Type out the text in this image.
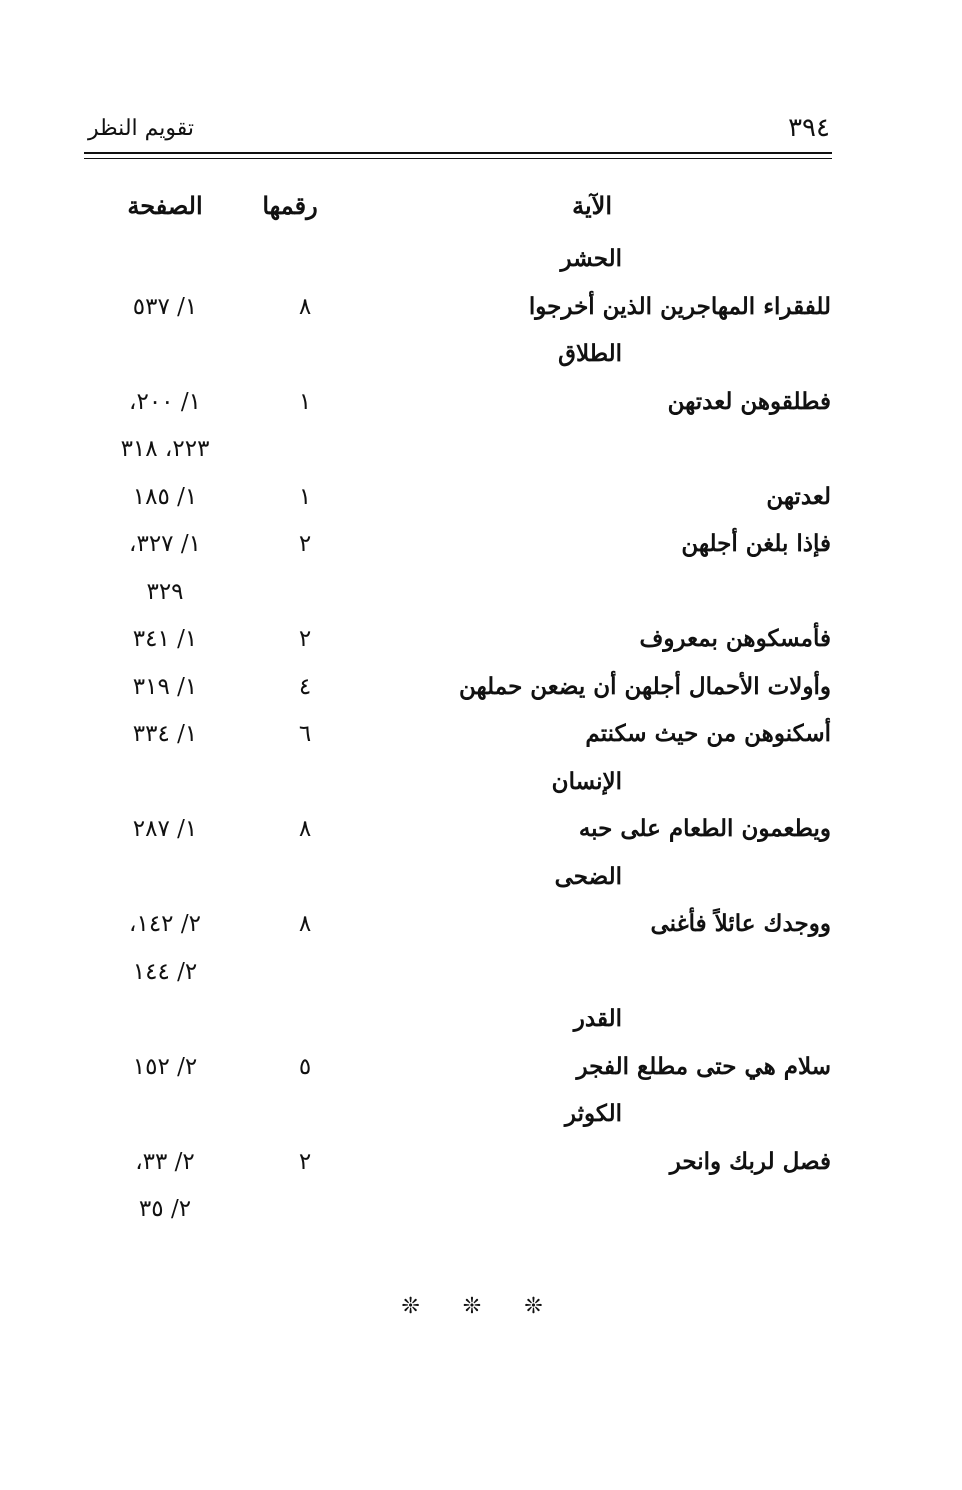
٣٩٤
تقويم النظر
الآية
رقمها
الصفحة
الحشر
للفقراء المهاجرين الذين أخرجوا
٨
١/ ٥٣٧
الطلاق
فطلقوهن لعدتهن
١
١/ ٢٠٠،
٢٢٣، ٣١٨
لعدتهن
١
١/ ١٨٥
فإذا بلغن أجلهن
٢
١/ ٣٢٧،
٣٢٩
فأمسكوهن بمعروف
٢
١/ ٣٤١
وأولات الأحمال أجلهن أن يضعن حملهن
٤
١/ ٣١٩
أسكنوهن من حيث سكنتم
٦
١/ ٣٣٤
الإنسان
ويطعمون الطعام على حبه
٨
١/ ٢٨٧
الضحى
ووجدك عائلاً فأغنى
٨
٢/ ١٤٢،
٢/ ١٤٤
القدر
سلام هي حتى مطلع الفجر
٥
٢/ ١٥٢
الكوثر
فصل لربك وانحر
٢
٢/ ٣٣،
٢/ ٣٥
❊ ❊ ❊
